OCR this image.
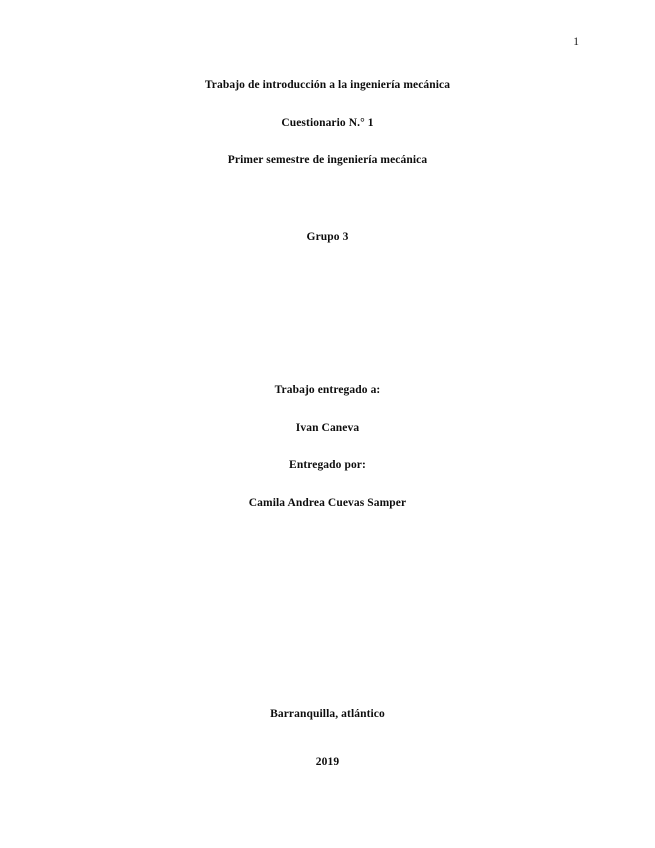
1
Trabajo de introducción a la ingeniería mecánica
Cuestionario N.° 1
Primer semestre de ingeniería mecánica
Grupo 3
Trabajo entregado a:
Ivan Caneva
Entregado por:
Camila Andrea Cuevas Samper
Barranquilla, atlántico
2019
